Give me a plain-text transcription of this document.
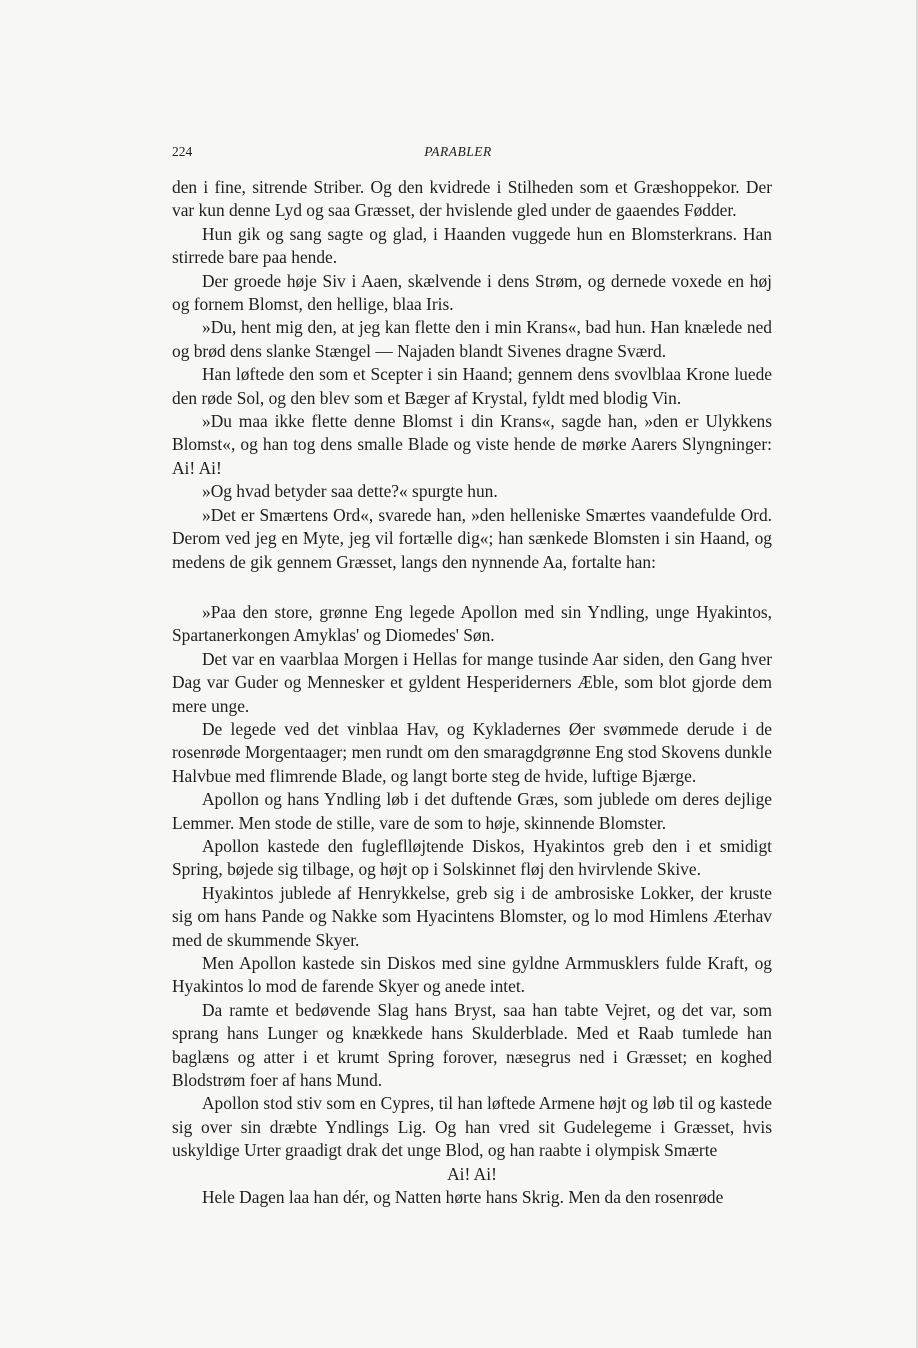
224	PARABLER

den i fine, sitrende Striber. Og den kvidrede i Stilheden som et Græshoppekor. Der var kun denne Lyd og saa Græsset, der hvislende gled under de gaaendes Fødder.

Hun gik og sang sagte og glad, i Haanden vuggede hun en Blomsterkrans. Han stirrede bare paa hende.

Der groede høje Siv i Aaen, skælvende i dens Strøm, og dernede voxede en høj og fornem Blomst, den hellige, blaa Iris.

»Du, hent mig den, at jeg kan flette den i min Krans«, bad hun. Han knælede ned og brød dens slanke Stængel — Najaden blandt Sivenes dragne Sværd.

Han løftede den som et Scepter i sin Haand; gennem dens svovlblaa Krone luede den røde Sol, og den blev som et Bæger af Krystal, fyldt med blodig Vin.

»Du maa ikke flette denne Blomst i din Krans«, sagde han, »den er Ulykkens Blomst«, og han tog dens smalle Blade og viste hende de mørke Aarers Slyngninger: Ai! Ai!

»Og hvad betyder saa dette?« spurgte hun.

»Det er Smærtens Ord«, svarede han, »den helleniske Smærtes vaandefulde Ord. Derom ved jeg en Myte, jeg vil fortælle dig«; han sænkede Blomsten i sin Haand, og medens de gik gennem Græsset, langs den nynnende Aa, fortalte han:

»Paa den store, grønne Eng legede Apollon med sin Yndling, unge Hyakintos, Spartanerkongen Amyklas' og Diomedes' Søn.

Det var en vaarblaa Morgen i Hellas for mange tusinde Aar siden, den Gang hver Dag var Guder og Mennesker et gyldent Hesperiderners Æble, som blot gjorde dem mere unge.

De legede ved det vinblaa Hav, og Kykladernes Øer svømmede derude i de rosenrøde Morgentaager; men rundt om den smaragdgrønne Eng stod Skovens dunkle Halvbue med flimrende Blade, og langt borte steg de hvide, luftige Bjærge.

Apollon og hans Yndling løb i det duftende Græs, som jublede om deres dejlige Lemmer. Men stode de stille, vare de som to høje, skinnende Blomster.

Apollon kastede den fugleflløjtende Diskos, Hyakintos greb den i et smidigt Spring, bøjede sig tilbage, og højt op i Solskinnet fløj den hvirvlende Skive.

Hyakintos jublede af Henrykkelse, greb sig i de ambrosiske Lokker, der kruste sig om hans Pande og Nakke som Hyacintens Blomster, og lo mod Himlens Æterhav med de skummende Skyer.

Men Apollon kastede sin Diskos med sine gyldne Armmusklers fulde Kraft, og Hyakintos lo mod de farende Skyer og anede intet.

Da ramte et bedøvende Slag hans Bryst, saa han tabte Vejret, og det var, som sprang hans Lunger og knækkede hans Skulderblade. Med et Raab tumlede han baglæns og atter i et krumt Spring forover, næsegrus ned i Græsset; en koghed Blodstrøm foer af hans Mund.

Apollon stod stiv som en Cypres, til han løftede Armene højt og løb til og kastede sig over sin dræbte Yndlings Lig. Og han vred sit Gudelegeme i Græsset, hvis uskyldige Urter graadigt drak det unge Blod, og han raabte i olympisk Smærte

Ai! Ai!

Hele Dagen laa han dér, og Natten hørte hans Skrig. Men da den rosenrøde
